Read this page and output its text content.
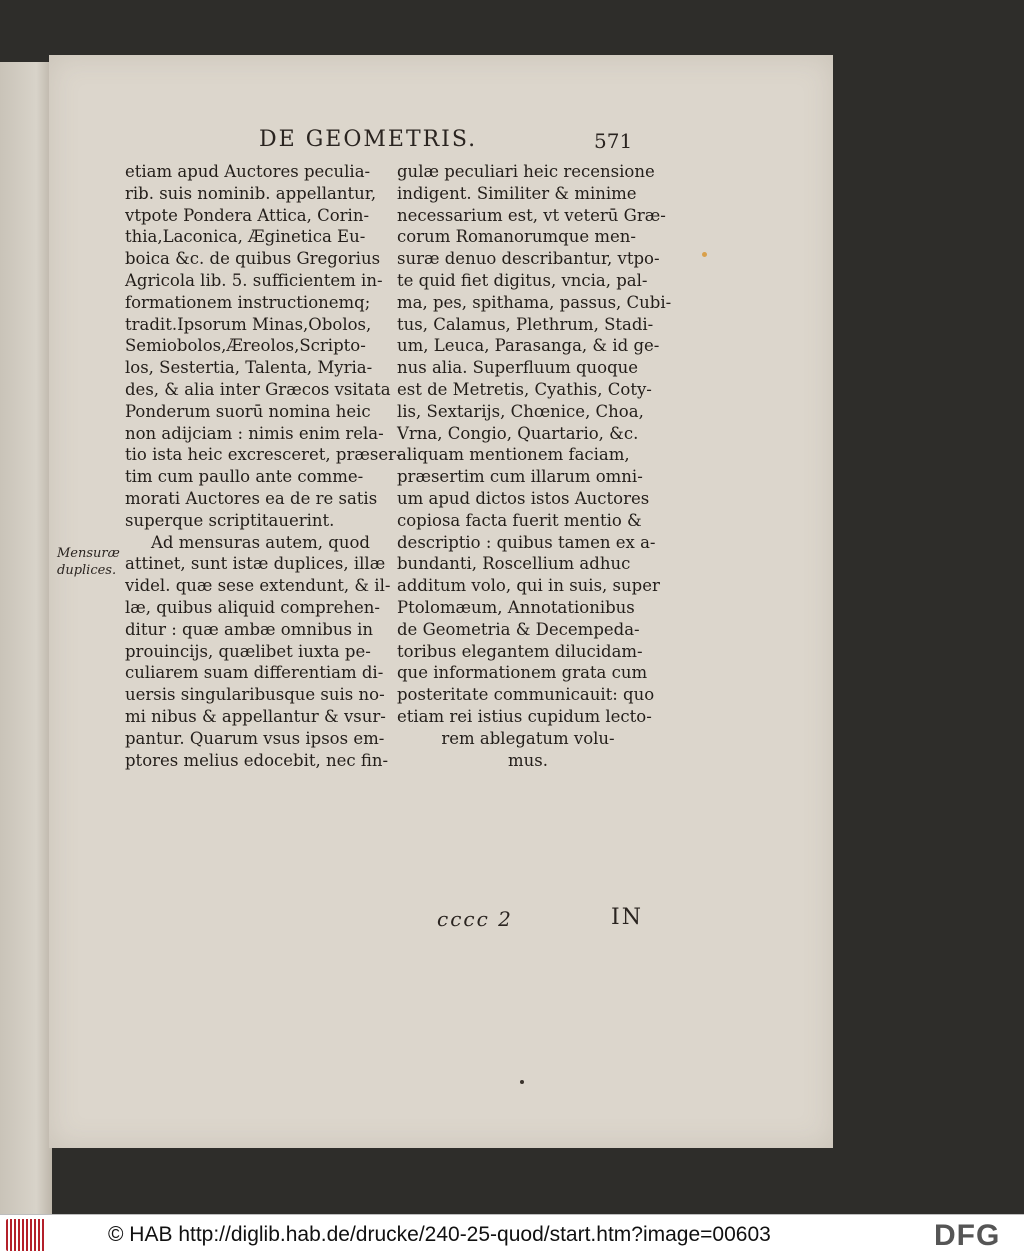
DE GEOMETRIS.	571
Mensuræ
duplices.
etiam apud Auctores peculia-
rib. suis nominib. appellantur,
vtpote Pondera Attica, Corin-
thia,Laconica, Æginetica Eu-
boica &c. de quibus Gregorius
Agricola lib. 5. sufficientem in-
formationem instructionemq;
tradit.Ipsorum Minas,Obolos,
Semiobolos,Æreolos,Scripto-
los, Sestertia, Talenta, Myria-
des, & alia inter Græcos vsitata
Ponderum suorū nomina heic
non adijciam : nimis enim rela-
tio ista heic excresceret, præser-
tim cum paullo ante comme-
morati Auctores ea de re satis
superque scriptitauerint.
Ad mensuras autem, quod
attinet, sunt istæ duplices, illæ
videl. quæ sese extendunt, & il-
læ, quibus aliquid comprehen-
ditur : quæ ambæ omnibus in
prouincijs, quælibet iuxta pe-
culiarem suam differentiam di-
uersis singularibusque suis no-
mi nibus & appellantur & vsur-
pantur. Quarum vsus ipsos em-
ptores melius edocebit, nec fin-
gulæ peculiari heic recensione
indigent. Similiter & minime
necessarium est, vt veterū Græ-
corum Romanorumque men-
suræ denuo describantur, vtpo-
te quid fiet digitus, vncia, pal-
ma, pes, spithama, passus, Cubi-
tus, Calamus, Plethrum, Stadi-
um, Leuca, Parasanga, & id ge-
nus alia. Superfluum quoque
est de Metretis, Cyathis, Coty-
lis, Sextarijs, Chœnice, Choa,
Vrna, Congio, Quartario, &c.
aliquam mentionem faciam,
præsertim cum illarum omni-
um apud dictos istos Auctores
copiosa facta fuerit mentio &
descriptio : quibus tamen ex a-
bundanti, Roscellium adhuc
additum volo, qui in suis, super
Ptolomæum, Annotationibus
de Geometria & Decempeda-
toribus elegantem dilucidam-
que informationem grata cum
posteritate communicauit: quo
etiam rei istius cupidum lecto-
rem ablegatum volu-
mus.
cccc 2	IN
© HAB http://diglib.hab.de/drucke/240-25-quod/start.htm?image=00603	DFG
